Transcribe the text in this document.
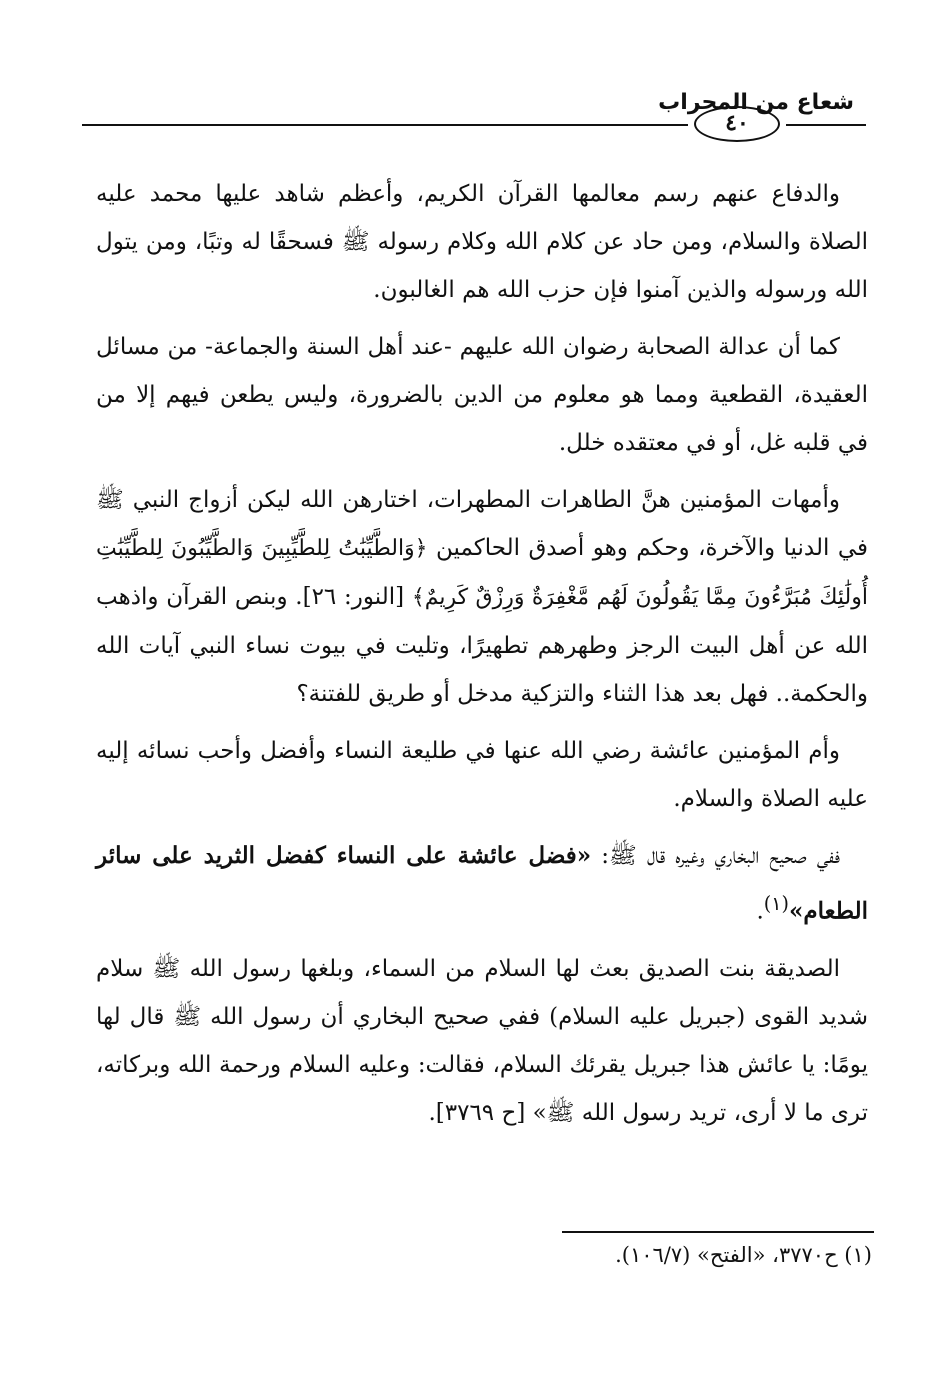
شعاع من المحراب
٤٠

والدفاع عنهم رسم معالمها القرآن الكريم، وأعظم شاهد عليها محمد عليه الصلاة والسلام، ومن حاد عن كلام الله وكلام رسوله ﷺ فسحقًا له وتبًا، ومن يتول الله ورسوله والذين آمنوا فإن حزب الله هم الغالبون.

كما أن عدالة الصحابة رضوان الله عليهم -عند أهل السنة والجماعة- من مسائل العقيدة، القطعية ومما هو معلوم من الدين بالضرورة، وليس يطعن فيهم إلا من في قلبه غل، أو في معتقده خلل.

وأمهات المؤمنين هنَّ الطاهرات المطهرات، اختارهن الله ليكن أزواج النبي ﷺ في الدنيا والآخرة، وحكم وهو أصدق الحاكمين ﴿وَالطَّيِّبَٰتُ لِلطَّيِّبِينَ وَالطَّيِّبُونَ لِلطَّيِّبَٰتِ أُولَٰئِكَ مُبَرَّءُونَ مِمَّا يَقُولُونَ لَهُم مَّغْفِرَةٌ وَرِزْقٌ كَرِيمٌ﴾ [النور: ٢٦]. وبنص القرآن واذهب الله عن أهل البيت الرجز وطهرهم تطهيرًا، وتليت في بيوت نساء النبي آيات الله والحكمة.. فهل بعد هذا الثناء والتزكية مدخل أو طريق للفتنة؟

وأم المؤمنين عائشة رضي الله عنها في طليعة النساء وأفضل وأحب نسائه إليه عليه الصلاة والسلام.

ففي صحيح البخاري وغيره قال ﷺ: «فضل عائشة على النساء كفضل الثريد على سائر الطعام»$^{(١)}$.

الصديقة بنت الصديق بعث لها السلام من السماء، وبلغها رسول الله ﷺ سلام شديد القوى (جبريل عليه السلام) ففي صحيح البخاري أن رسول الله ﷺ قال لها يومًا: يا عائش هذا جبريل يقرئك السلام، فقالت: وعليه السلام ورحمة الله وبركاته، ترى ما لا أرى، تريد رسول الله ﷺ» [ح ٣٧٦٩].

(١) ح٣٧٧٠، «الفتح» (١٠٦/٧).
